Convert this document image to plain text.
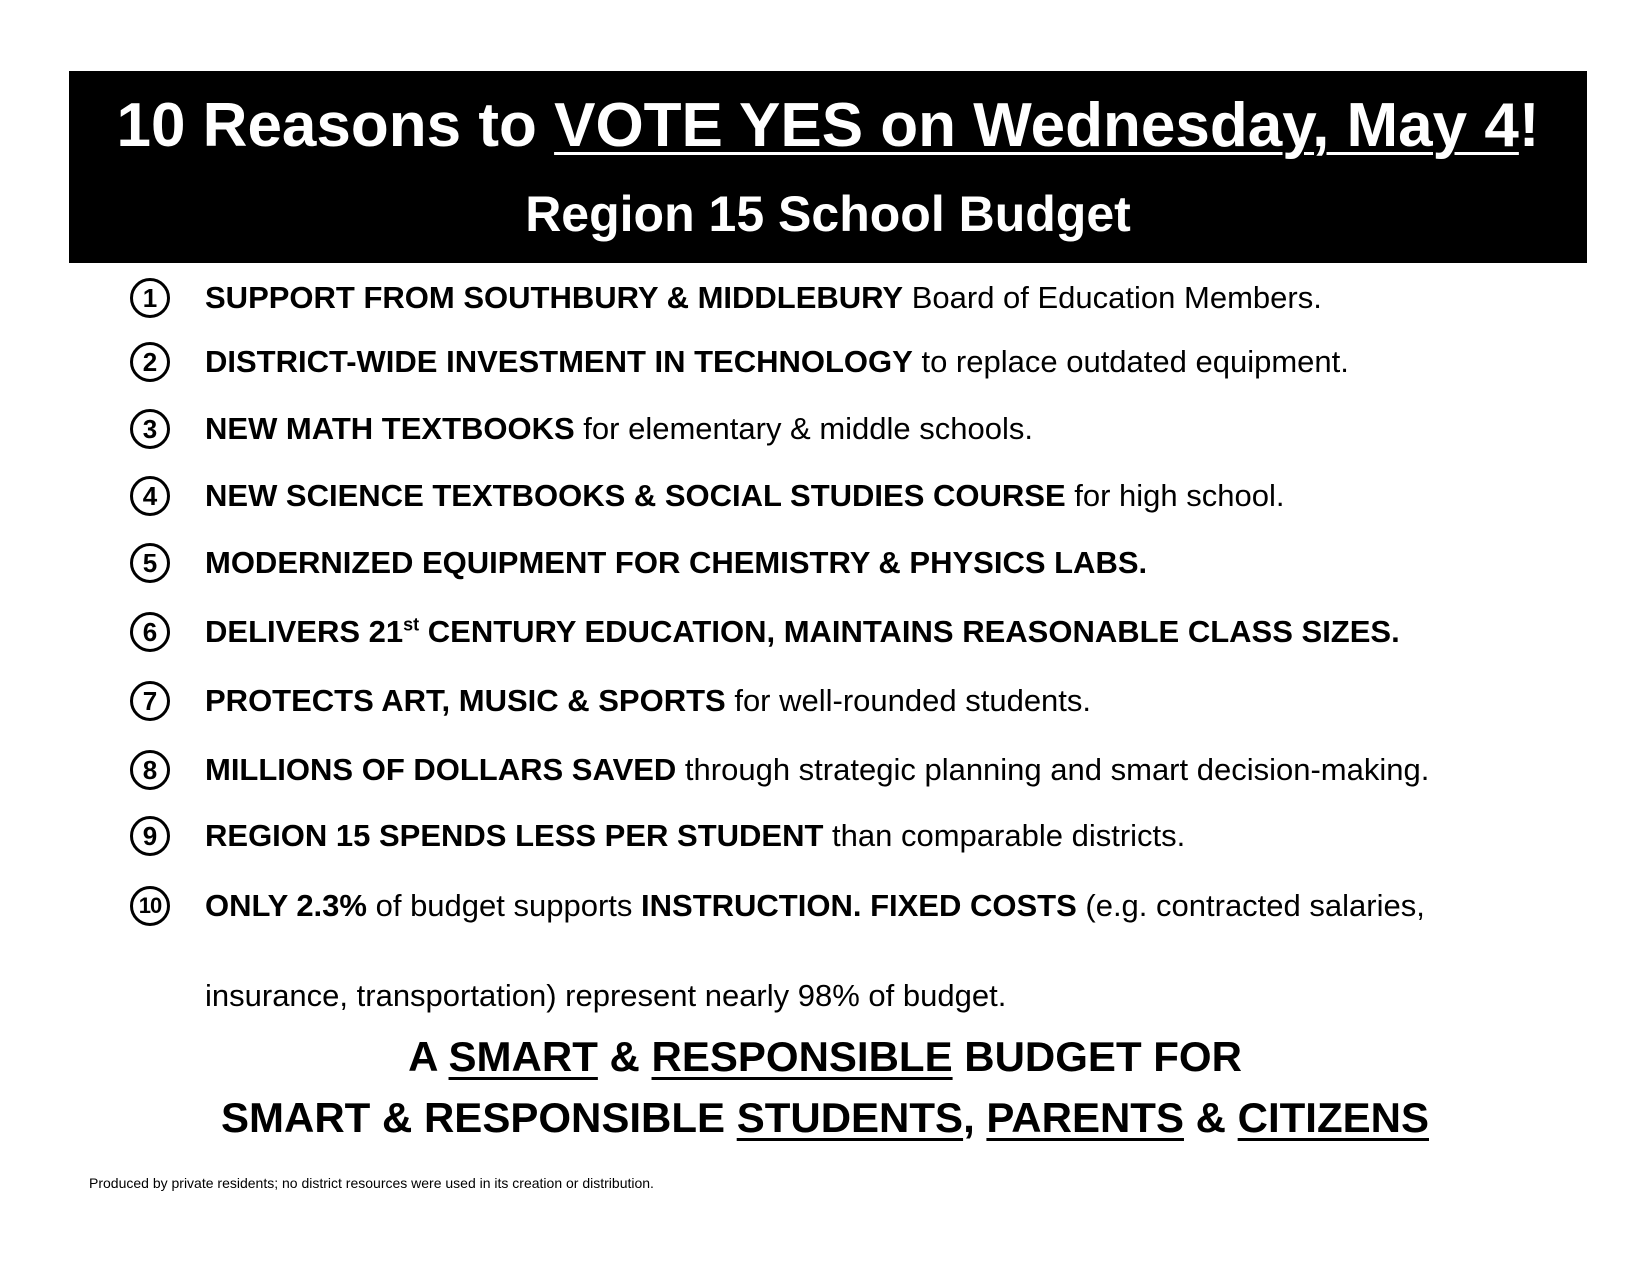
10 Reasons to VOTE YES on Wednesday, May 4!
Region 15 School Budget
1	SUPPORT FROM SOUTHBURY & MIDDLEBURY Board of Education Members.
2	DISTRICT-WIDE INVESTMENT IN TECHNOLOGY to replace outdated equipment.
3	NEW MATH TEXTBOOKS for elementary & middle schools.
4	NEW SCIENCE TEXTBOOKS & SOCIAL STUDIES COURSE for high school.
5	MODERNIZED EQUIPMENT FOR CHEMISTRY & PHYSICS LABS.
6	DELIVERS 21st CENTURY EDUCATION, MAINTAINS REASONABLE CLASS SIZES.
7	PROTECTS ART, MUSIC & SPORTS for well-rounded students.
8	MILLIONS OF DOLLARS SAVED through strategic planning and smart decision-making.
9	REGION 15 SPENDS LESS PER STUDENT than comparable districts.
10 ONLY 2.3% of budget supports INSTRUCTION. FIXED COSTS (e.g. contracted salaries,
insurance, transportation) represent nearly 98% of budget.
A SMART & RESPONSIBLE BUDGET FOR
SMART & RESPONSIBLE STUDENTS, PARENTS & CITIZENS
Produced by private residents; no district resources were used in its creation or distribution.
